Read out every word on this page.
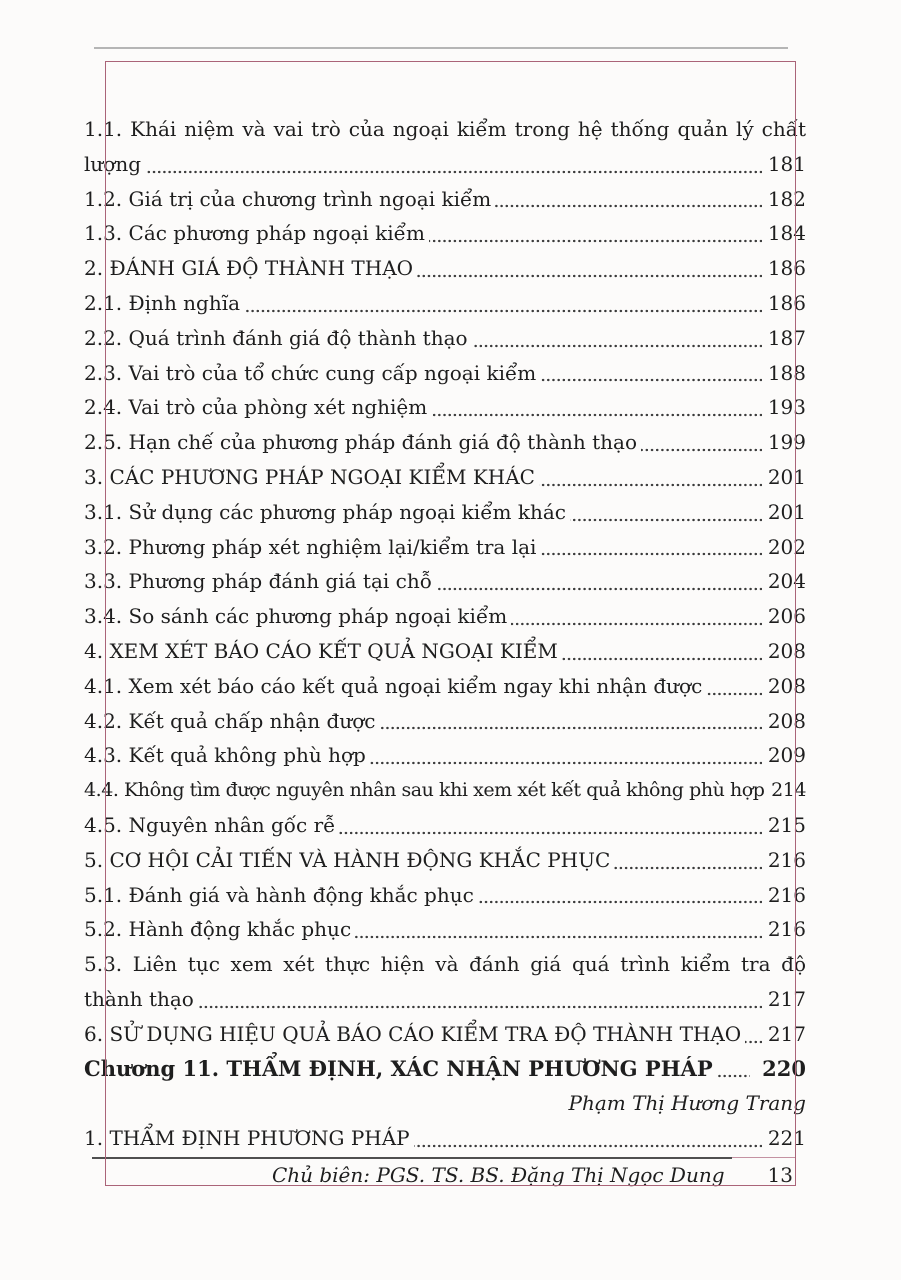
1.1. Khái niệm và vai trò của ngoại kiểm trong hệ thống quản lý chất lượng	181
1.2. Giá trị của chương trình ngoại kiểm	182
1.3. Các phương pháp ngoại kiểm	184
2. ĐÁNH GIÁ ĐỘ THÀNH THẠO	186
2.1. Định nghĩa	186
2.2. Quá trình đánh giá độ thành thạo	187
2.3. Vai trò của tổ chức cung cấp ngoại kiểm	188
2.4. Vai trò của phòng xét nghiệm	193
2.5. Hạn chế của phương pháp đánh giá độ thành thạo	199
3. CÁC PHƯƠNG PHÁP NGOẠI KIỂM KHÁC	201
3.1. Sử dụng các phương pháp ngoại kiểm khác	201
3.2. Phương pháp xét nghiệm lại/kiểm tra lại	202
3.3. Phương pháp đánh giá tại chỗ	204
3.4. So sánh các phương pháp ngoại kiểm	206
4. XEM XÉT BÁO CÁO KẾT QUẢ NGOẠI KIỂM	208
4.1. Xem xét báo cáo kết quả ngoại kiểm ngay khi nhận được	208
4.2. Kết quả chấp nhận được	208
4.3. Kết quả không phù hợp	209
4.4. Không tìm được nguyên nhân sau khi xem xét kết quả không phù hợp 214
4.5. Nguyên nhân gốc rễ	215
5. CƠ HỘI CẢI TIẾN VÀ HÀNH ĐỘNG KHẮC PHỤC	216
5.1. Đánh giá và hành động khắc phục	216
5.2. Hành động khắc phục	216
5.3. Liên tục xem xét thực hiện và đánh giá quá trình kiểm tra độ thành thạo	217
6. SỬ DỤNG HIỆU QUẢ BÁO CÁO KIỂM TRA ĐỘ THÀNH THẠO	217
Chương 11. THẨM ĐỊNH, XÁC NHẬN PHƯƠNG PHÁP	220
Phạm Thị Hương Trang
1. THẨM ĐỊNH PHƯƠNG PHÁP	221
Chủ biên: PGS. TS. BS. Đặng Thị Ngọc Dung 13
